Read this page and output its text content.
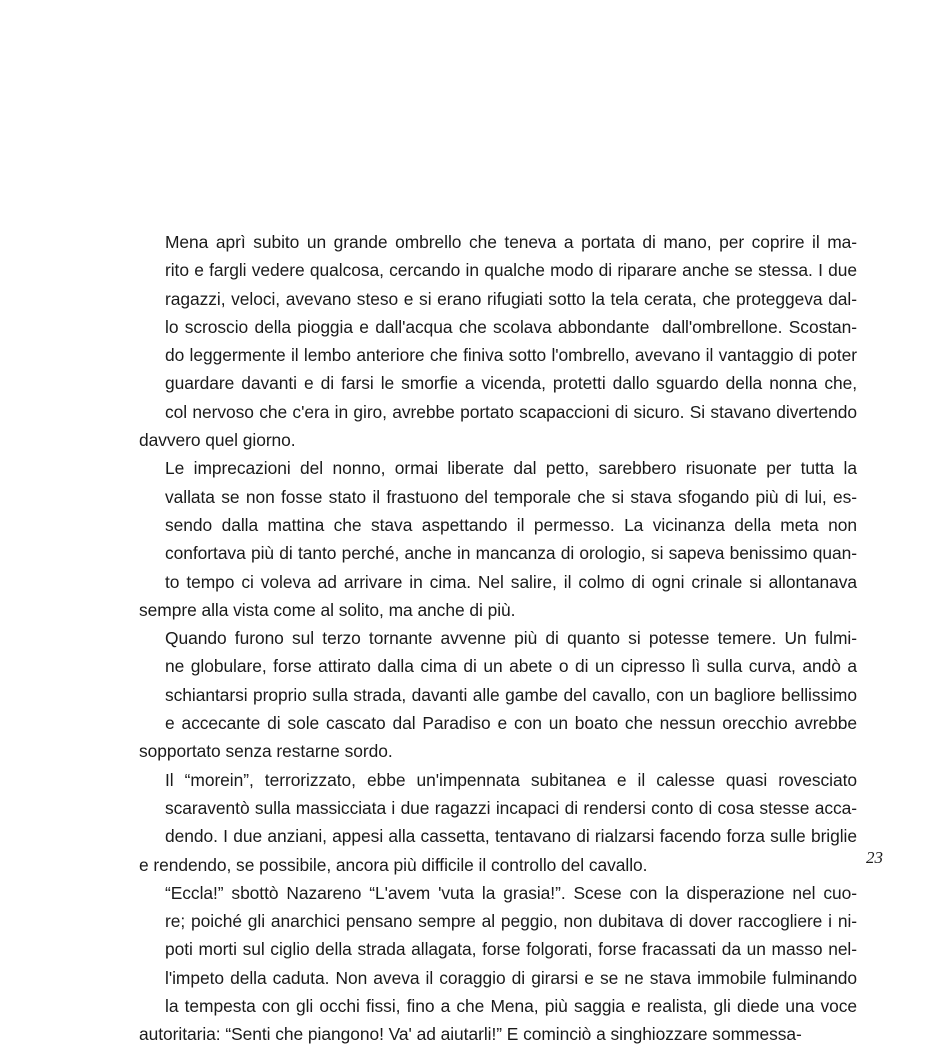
Mena aprì subito un grande ombrello che teneva a portata di mano, per coprire il ma-
rito e fargli vedere qualcosa, cercando in qualche modo di riparare anche se stessa. I due
ragazzi, veloci, avevano steso e si erano rifugiati sotto la tela cerata, che proteggeva dal-
lo scroscio della pioggia e dall'acqua che scolava abbondante  dall'ombrellone. Scostan-
do leggermente il lembo anteriore che finiva sotto l'ombrello, avevano il vantaggio di poter
guardare davanti e di farsi le smorfie a vicenda, protetti dallo sguardo della nonna che,
col nervoso che c'era in giro, avrebbe portato scapaccioni di sicuro. Si stavano divertendo
davvero quel giorno.

Le imprecazioni del nonno, ormai liberate dal petto, sarebbero risuonate per tutta la
vallata se non fosse stato il frastuono del temporale che si stava sfogando più di lui, es-
sendo dalla mattina che stava aspettando il permesso. La vicinanza della meta non
confortava più di tanto perché, anche in mancanza di orologio, si sapeva benissimo quan-
to tempo ci voleva ad arrivare in cima. Nel salire, il colmo di ogni crinale si allontanava
sempre alla vista come al solito, ma anche di più.

Quando furono sul terzo tornante avvenne più di quanto si potesse temere. Un fulmi-
ne globulare, forse attirato dalla cima di un abete o di un cipresso lì sulla curva, andò a
schiantarsi proprio sulla strada, davanti alle gambe del cavallo, con un bagliore bellissimo
e accecante di sole cascato dal Paradiso e con un boato che nessun orecchio avrebbe
sopportato senza restarne sordo.

Il “morein”, terrorizzato, ebbe un'impennata subitanea e il calesse quasi rovesciato
scaraventò sulla massicciata i due ragazzi incapaci di rendersi conto di cosa stesse acca-
dendo. I due anziani, appesi alla cassetta, tentavano di rialzarsi facendo forza sulle briglie
e rendendo, se possibile, ancora più difficile il controllo del cavallo.

“Eccla!” sbottò Nazareno “L'avem 'vuta la grasia!”. Scese con la disperazione nel cuo-
re; poiché gli anarchici pensano sempre al peggio, non dubitava di dover raccogliere i ni-
poti morti sul ciglio della strada allagata, forse folgorati, forse fracassati da un masso nel-
l'impeto della caduta. Non aveva il coraggio di girarsi e se ne stava immobile fulminando
la tempesta con gli occhi fissi, fino a che Mena, più saggia e realista, gli diede una voce
autoritaria: “Senti che piangono! Va' ad aiutarli!” E cominciò a singhiozzare sommessa-

23
